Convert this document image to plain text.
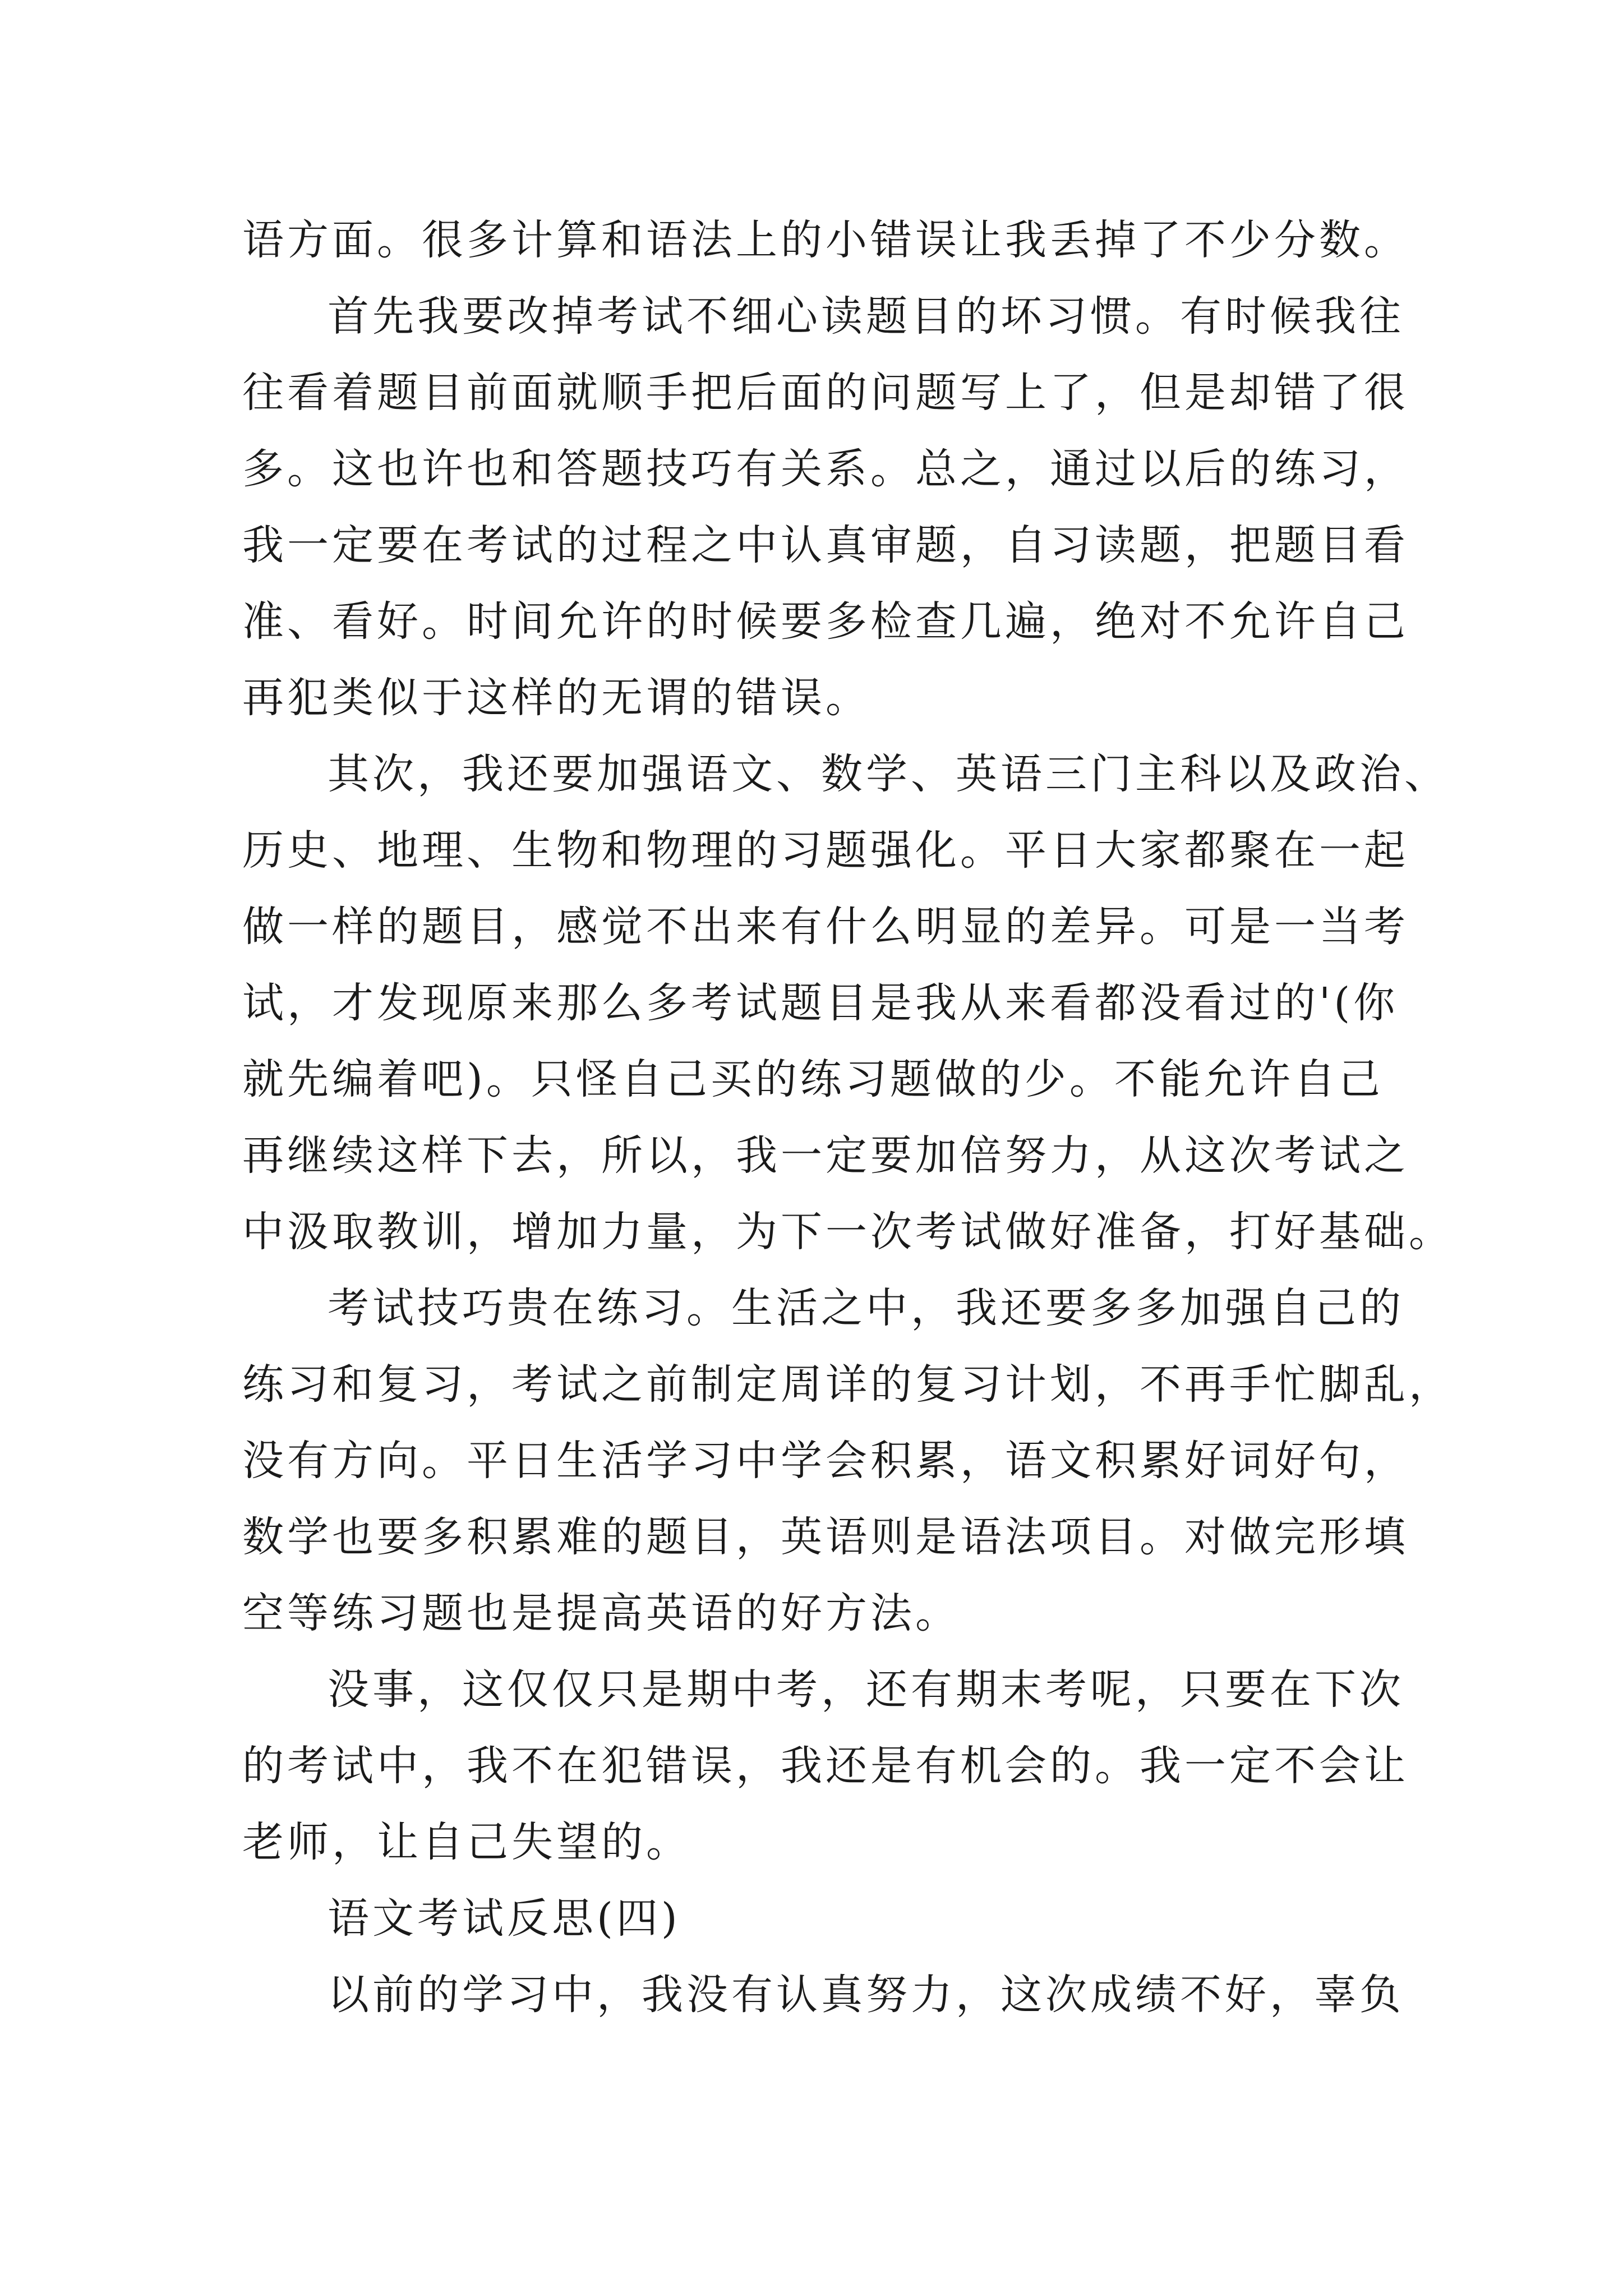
语方面。很多计算和语法上的小错误让我丢掉了不少分数。
首先我要改掉考试不细心读题目的坏习惯。有时候我往
往看着题目前面就顺手把后面的问题写上了，但是却错了很
多。这也许也和答题技巧有关系。总之，通过以后的练习，
我一定要在考试的过程之中认真审题，自习读题，把题目看
准、看好。时间允许的时候要多检查几遍，绝对不允许自己
再犯类似于这样的无谓的错误。
其次，我还要加强语文、数学、英语三门主科以及政治、
历史、地理、生物和物理的习题强化。平日大家都聚在一起
做一样的题目，感觉不出来有什么明显的差异。可是一当考
试，才发现原来那么多考试题目是我从来看都没看过的'(你
就先编着吧)。只怪自己买的练习题做的少。不能允许自己
再继续这样下去，所以，我一定要加倍努力，从这次考试之
中汲取教训，增加力量，为下一次考试做好准备，打好基础。
考试技巧贵在练习。生活之中，我还要多多加强自己的
练习和复习，考试之前制定周详的复习计划，不再手忙脚乱，
没有方向。平日生活学习中学会积累，语文积累好词好句，
数学也要多积累难的题目，英语则是语法项目。对做完形填
空等练习题也是提高英语的好方法。
没事，这仅仅只是期中考，还有期末考呢，只要在下次
的考试中，我不在犯错误，我还是有机会的。我一定不会让
老师，让自己失望的。
语文考试反思(四)
以前的学习中，我没有认真努力，这次成绩不好，辜负
